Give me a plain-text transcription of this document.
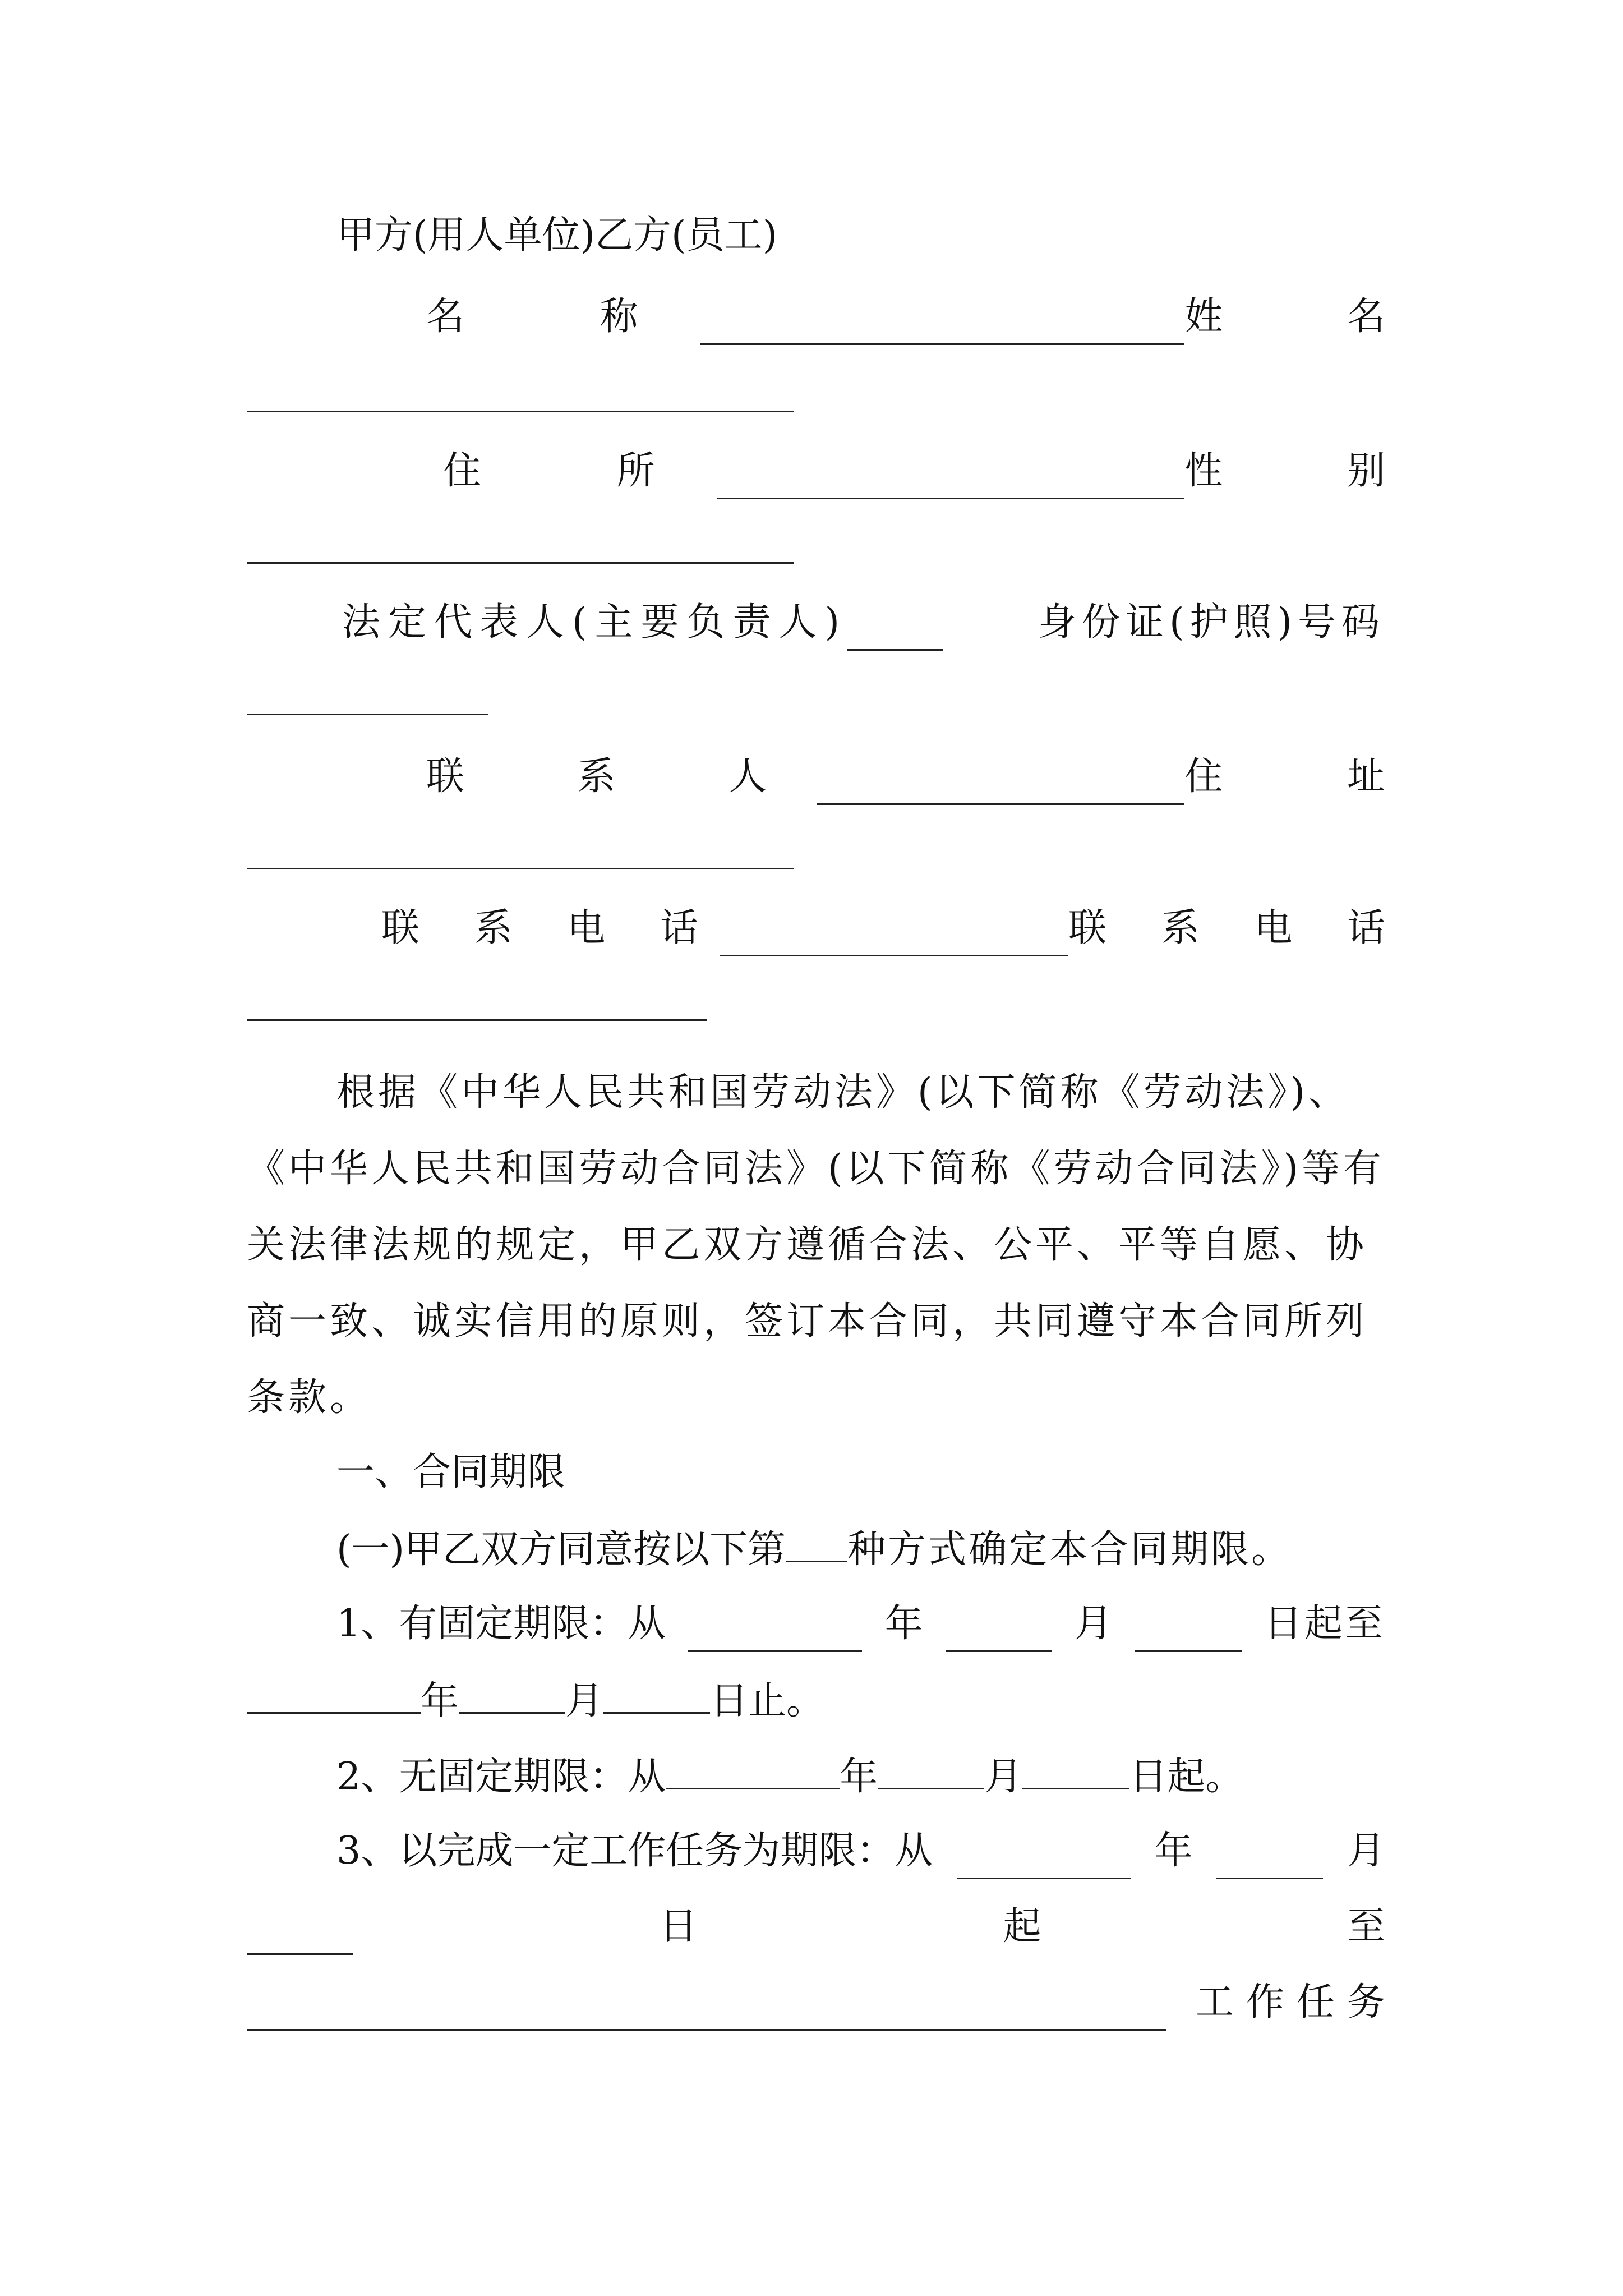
甲方(用人单位)乙方(员工)
名 称	姓 名
住 所	性 别
法定代表人(主要负责人)	身份证(护照)号码
联 系 人	住 址
联 系 电 话	联 系 电 话
根据《中华人民共和国劳动法》(以下简称《劳动法》)、《中华人民共和国劳动合同法》(以下简称《劳动合同法》)等有关法律法规的规定，甲乙双方遵循合法、公平、平等自愿、协商一致、诚实信用的原则，签订本合同，共同遵守本合同所列条款。
一、合同期限
(一)甲乙双方同意按以下第 种方式确定本合同期限。
1、有固定期限：从	年	月	日起至
年	月	日止。
2、无固定期限：从	年	月	日起。
3、以完成一定工作任务为期限：从	年	月
日	起	至
工作任务
